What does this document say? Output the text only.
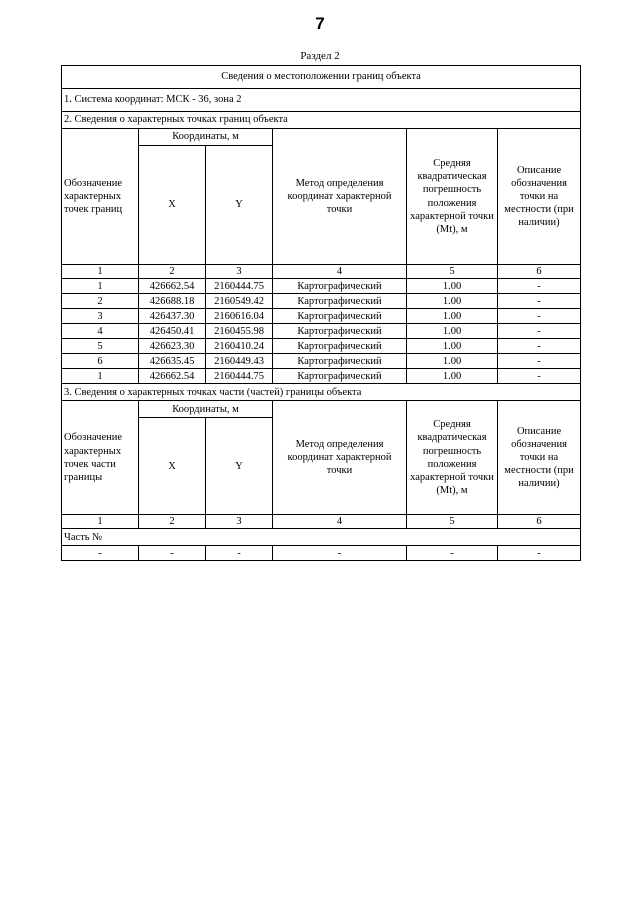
7
Раздел 2
Сведения о местоположении границ объекта					
1. Система координат: МСК - 36, зона 2					
2. Сведения о характерных точках границ объекта					
Обозначение характерных точек границ	Координаты, м		Метод определения координат характерной точки	Средняя квадратическая погрешность положения характерной точки (Mt), м	Описание обозначения точки на местности (при наличии)
	X	Y			
1	2	3	4	5	6
1	426662.54	2160444.75	Картографический	1.00	-
2	426688.18	2160549.42	Картографический	1.00	-
3	426437.30	2160616.04	Картографический	1.00	-
4	426450.41	2160455.98	Картографический	1.00	-
5	426623.30	2160410.24	Картографический	1.00	-
6	426635.45	2160449.43	Картографический	1.00	-
1	426662.54	2160444.75	Картографический	1.00	-
3. Сведения о характерных точках части (частей) границы объекта					
Обозначение характерных точек части границы	Координаты, м		Метод определения координат характерной точки	Средняя квадратическая погрешность положения характерной точки (Mt), м	Описание обозначения точки на местности (при наличии)
	X	Y			
1	2	3	4	5	6
Часть №					
-	-	-	-	-	-
